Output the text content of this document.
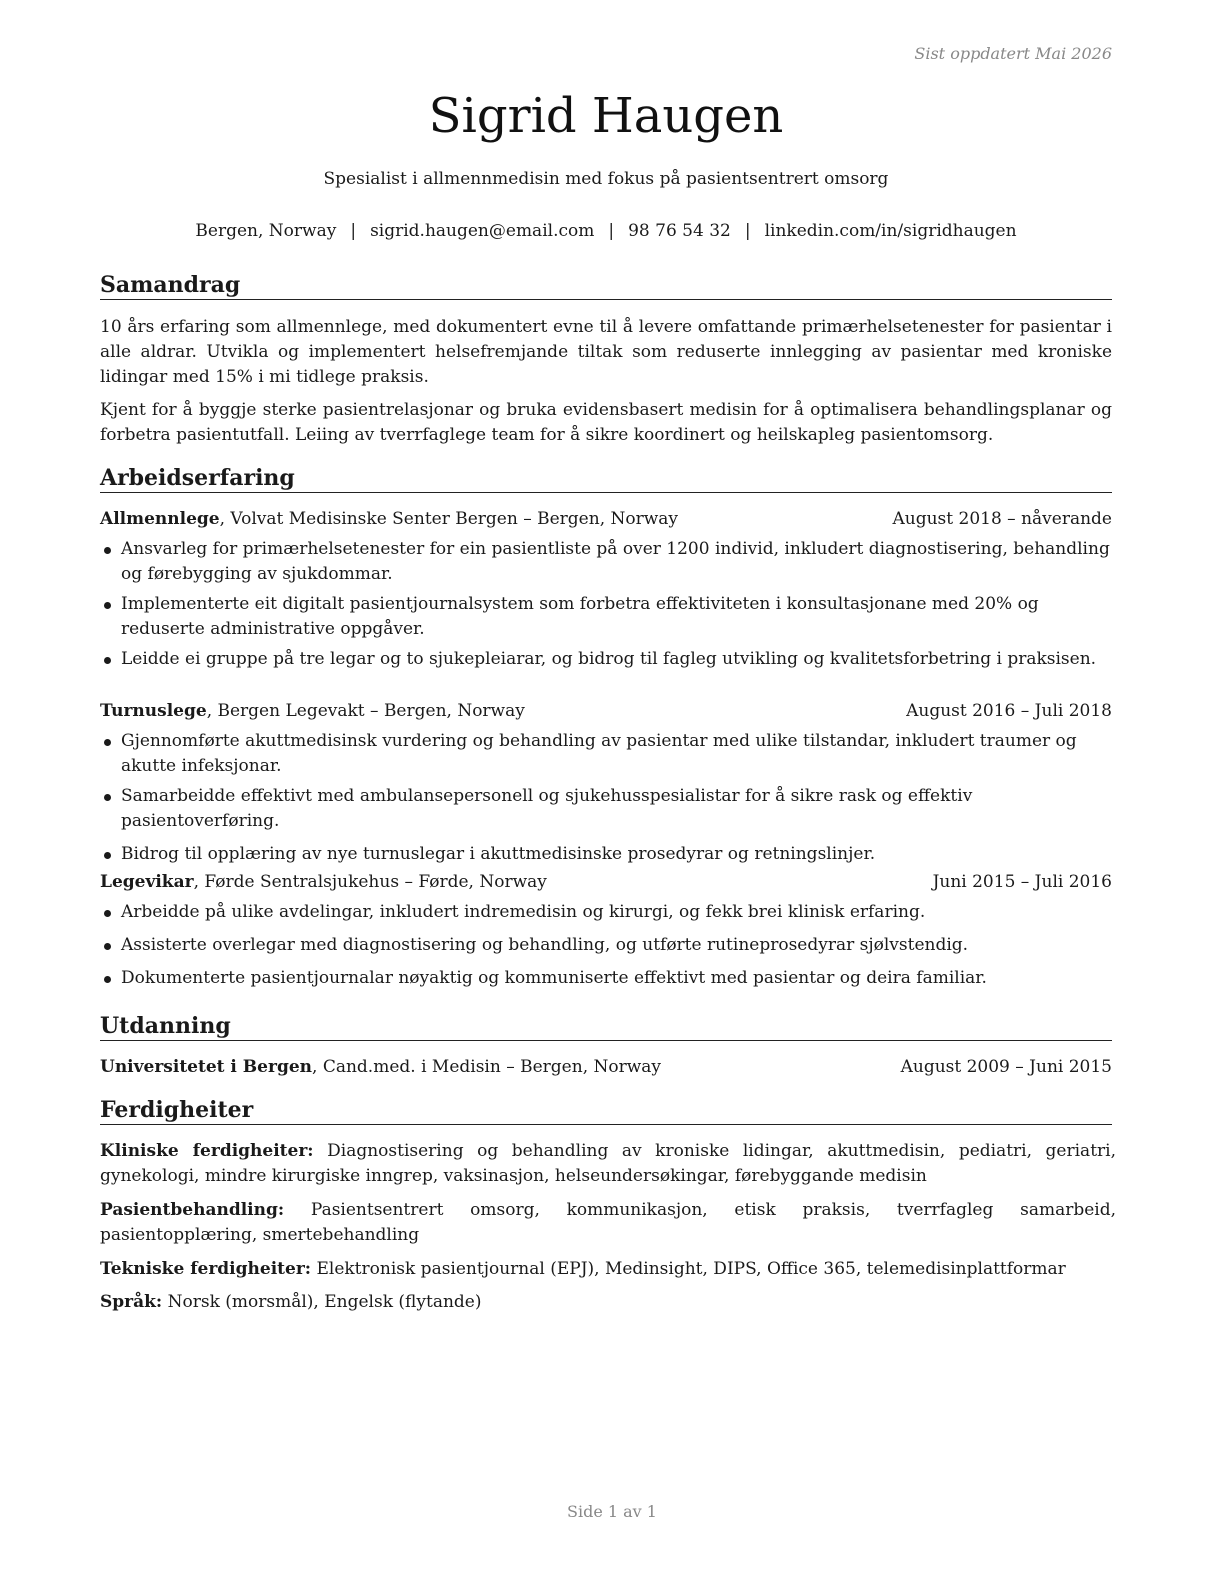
Sist oppdatert Mai 2026
Sigrid Haugen
Spesialist i allmennmedisin med fokus på pasientsentrert omsorg
Bergen, Norway | sigrid.haugen@email.com | 98 76 54 32 | linkedin.com/in/sigridhaugen
Samandrag

10 års erfaring som allmennlege, med dokumentert evne til å levere omfattande primærhelsetenester for pasientar i alle aldrar. Utvikla og implementert helsefremjande tiltak som reduserte innlegging av pasientar med kroniske lidingar med 15% i mi tidlege praksis.

Kjent for å byggje sterke pasientrelasjonar og bruka evidensbasert medisin for å optimalisera behandlingsplanar og forbetra pasientutfall. Leiing av tverrfaglege team for å sikre koordinert og heilskapleg pasientomsorg.

Arbeidserfaring
Allmennlege, Volvat Medisinske Senter Bergen – Bergen, Norway	August 2018 – nåverande
Ansvarleg for primærhelsetenester for ein pasientliste på over 1200 individ, inkludert diagnostisering, behandling og førebygging av sjukdommar.
Implementerte eit digitalt pasientjournalsystem som forbetra effektiviteten i konsultasjonane med 20% og reduserte administrative oppgåver.
Leidde ei gruppe på tre legar og to sjukepleiarar, og bidrog til fagleg utvikling og kvalitetsforbetring i praksisen.
Turnuslege, Bergen Legevakt – Bergen, Norway	August 2016 – Juli 2018
Gjennomførte akuttmedisinsk vurdering og behandling av pasientar med ulike tilstandar, inkludert traumer og akutte infeksjonar.
Samarbeidde effektivt med ambulansepersonell og sjukehusspesialistar for å sikre rask og effektiv pasientoverføring.
Bidrog til opplæring av nye turnuslegar i akuttmedisinske prosedyrar og retningslinjer.
Legevikar, Førde Sentralsjukehus – Førde, Norway	Juni 2015 – Juli 2016
Arbeidde på ulike avdelingar, inkludert indremedisin og kirurgi, og fekk brei klinisk erfaring.
Assisterte overlegar med diagnostisering og behandling, og utførte rutineprosedyrar sjølvstendig.
Dokumenterte pasientjournalar nøyaktig og kommuniserte effektivt med pasientar og deira familiar.
Utdanning
Universitetet i Bergen, Cand.med. i Medisin – Bergen, Norway	August 2009 – Juni 2015
Ferdigheiter
Kliniske ferdigheiter: Diagnostisering og behandling av kroniske lidingar, akuttmedisin, pediatri, geriatri, gynekologi, mindre kirurgiske inngrep, vaksinasjon, helseundersøkingar, førebyggande medisin
Pasientbehandling: Pasientsentrert omsorg, kommunikasjon, etisk praksis, tverrfagleg samarbeid, pasientopplæring, smertebehandling
Tekniske ferdigheiter: Elektronisk pasientjournal (EPJ), Medinsight, DIPS, Office 365, telemedisinplattformar
Språk: Norsk (morsmål), Engelsk (flytande)
Side 1 av 1
